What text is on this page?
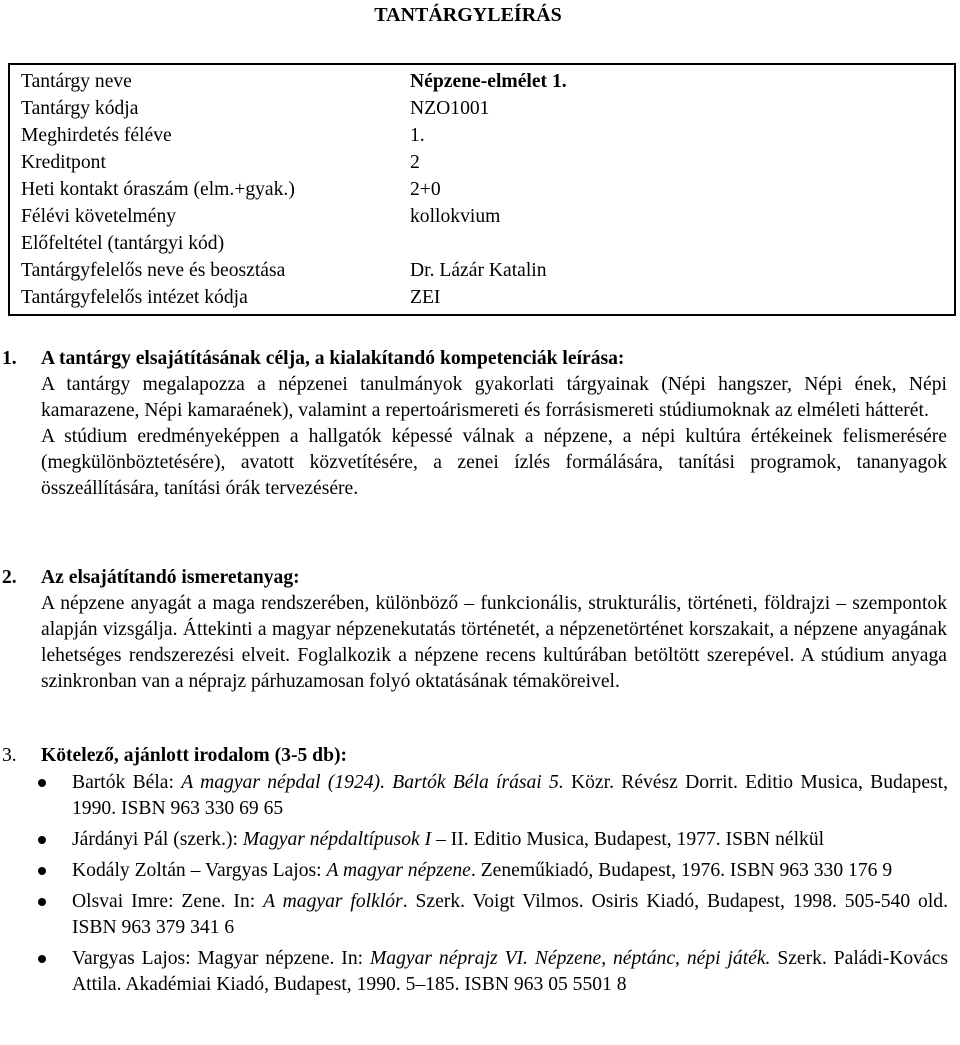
TANTÁRGYLEÍRÁS
Tantárgy neve	Népzene-elmélet 1.
Tantárgy kódja	NZO1001
Meghirdetés féléve	1.
Kreditpont	2
Heti kontakt óraszám (elm.+gyak.)	2+0
Félévi követelmény	kollokvium
Előfeltétel (tantárgyi kód)
Tantárgyfelelős neve és beosztása	Dr. Lázár Katalin
Tantárgyfelelős intézet kódja	ZEI
1. A tantárgy elsajátításának célja, a kialakítandó kompetenciák leírása:

A tantárgy megalapozza a népzenei tanulmányok gyakorlati tárgyainak (Népi hangszer, Népi ének, Népi kamarazene, Népi kamaraének), valamint a repertoárismereti és forrásismereti stúdiumoknak az elméleti hátterét.

A stúdium eredményeképpen a hallgatók képessé válnak a népzene, a népi kultúra értékeinek felismerésére (megkülönböztetésére), avatott közvetítésére, a zenei ízlés formálására, tanítási programok, tananyagok összeállítására, tanítási órák tervezésére.

2. Az elsajátítandó ismeretanyag:

A népzene anyagát a maga rendszerében, különböző ‒ funkcionális, strukturális, történeti, földrajzi ‒ szempontok alapján vizsgálja. Áttekinti a magyar népzenekutatás történetét, a népzenetörténet korszakait, a népzene anyagának lehetséges rendszerezési elveit. Foglalkozik a népzene recens kultúrában betöltött szerepével. A stúdium anyaga szinkronban van a néprajz párhuzamosan folyó oktatásának témaköreivel.

3. Kötelező, ajánlott irodalom (3-5 db):
Bartók Béla: A magyar népdal (1924). Bartók Béla írásai 5. Közr. Révész Dorrit. Editio Musica, Budapest, 1990. ISBN 963 330 69 65
Járdányi Pál (szerk.): Magyar népdaltípusok I ‒ II. Editio Musica, Budapest, 1977. ISBN nélkül
Kodály Zoltán ‒ Vargyas Lajos: A magyar népzene. Zeneműkiadó, Budapest, 1976. ISBN 963 330 176 9
Olsvai Imre: Zene. In: A magyar folklór. Szerk. Voigt Vilmos. Osiris Kiadó, Budapest, 1998. 505-540 old. ISBN 963 379 341 6
Vargyas Lajos: Magyar népzene. In: Magyar néprajz VI. Népzene, néptánc, népi játék. Szerk. Paládi-Kovács Attila. Akadémiai Kiadó, Budapest, 1990. 5‒185. ISBN 963 05 5501 8
